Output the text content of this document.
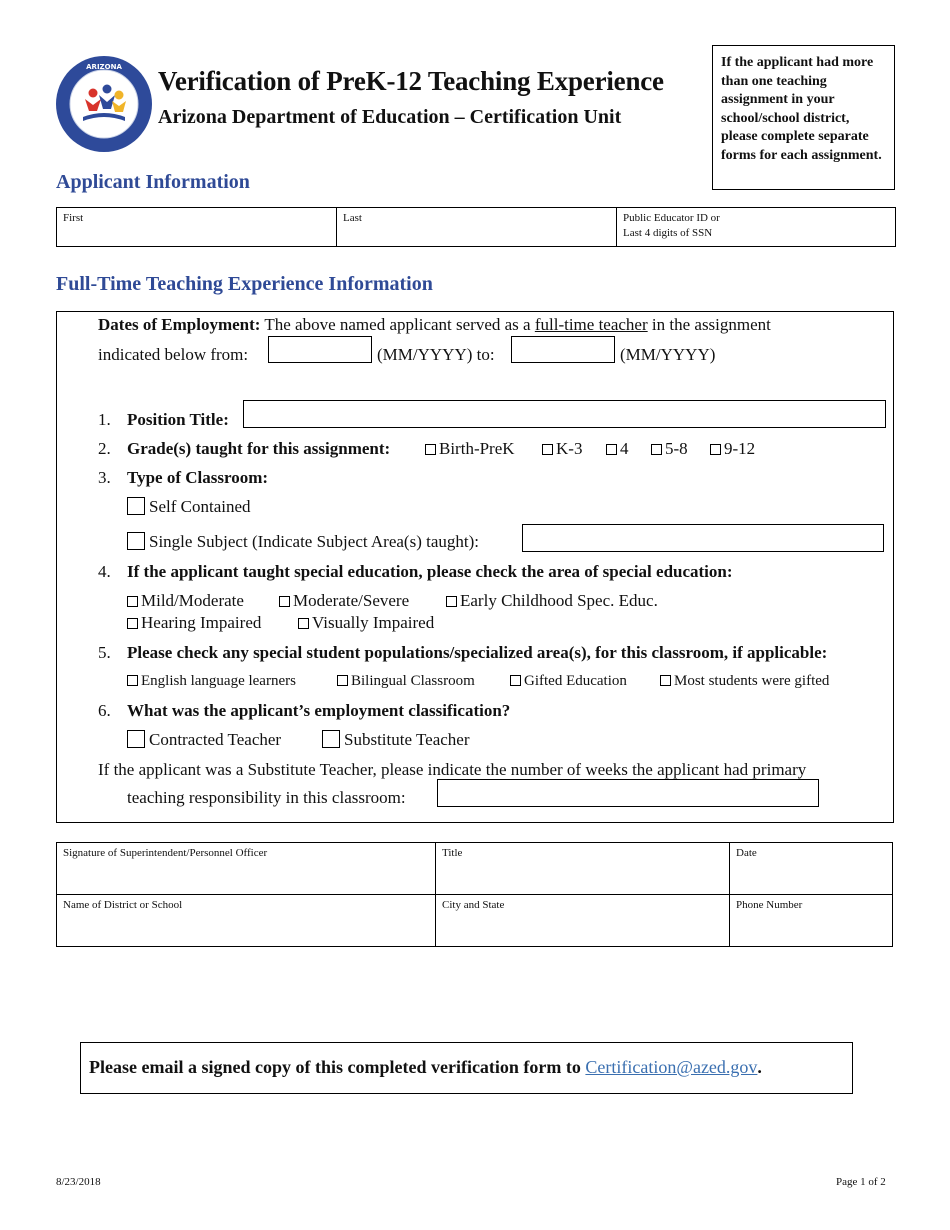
ARIZONA Verification of PreK-12 Teaching Experience
Arizona Department of Education – Certification Unit
If the applicant had more than one teaching assignment in your school/school district, please complete separate forms for each assignment.
Applicant Information
First	Last	Public Educator ID or
Last 4 digits of SSN
Full-Time Teaching Experience Information
Dates of Employment: The above named applicant served as a full-time teacher in the assignment
indicated below from:	(MM/YYYY) to:	(MM/YYYY)
1. Position Title:
2. Grade(s) taught for this assignment:	Birth-PreK	K-3	4	5-8	9-12
3. Type of Classroom:
Self Contained
Single Subject (Indicate Subject Area(s) taught):
4. If the applicant taught special education, please check the area of special education:
Mild/Moderate	Moderate/Severe	Early Childhood Spec. Educ.
Hearing Impaired	Visually Impaired
5. Please check any special student populations/specialized area(s), for this classroom, if applicable:
English language learners	Bilingual Classroom	Gifted Education	Most students were gifted
6. What was the applicant’s employment classification?
Contracted Teacher	Substitute Teacher
If the applicant was a Substitute Teacher, please indicate the number of weeks the applicant had primary
teaching responsibility in this classroom:
Signature of Superintendent/Personnel Officer	Title	Date
Name of District or School	City and State	Phone Number
Please email a signed copy of this completed verification form to Certification@azed.gov.
8/23/2018	Page 1 of 2
